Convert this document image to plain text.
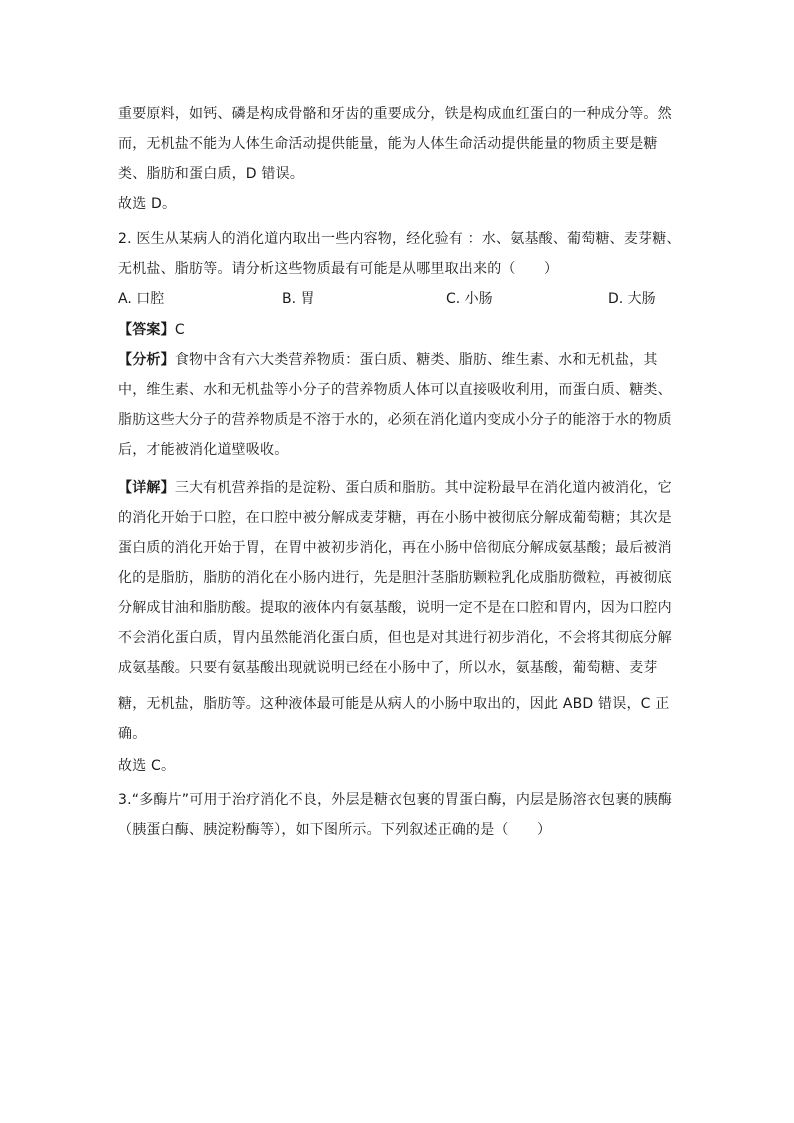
重要原料，如钙、磷是构成骨骼和牙齿的重要成分，铁是构成血红蛋白的一种成分等。然
而，无机盐不能为人体生命活动提供能量，能为人体生命活动提供能量的物质主要是糖
类、脂肪和蛋白质，D 错误。
故选 D。
2. 医生从某病人的消化道内取出一些内容物，经化验有 ：水、氨基酸、葡萄糖、麦芽糖、
无机盐、脂肪等。请分析这些物质最有可能是从哪里取出来的（　　）
A. 口腔	B. 胃	C. 小肠	D. 大肠
【答案】C
【分析】食物中含有六大类营养物质：蛋白质、糖类、脂肪、维生素、水和无机盐，其
中，维生素、水和无机盐等小分子的营养物质人体可以直接吸收利用，而蛋白质、糖类、
脂肪这些大分子的营养物质是不溶于水的，必须在消化道内变成小分子的能溶于水的物质
后，才能被消化道壁吸收。
【详解】三大有机营养指的是淀粉、蛋白质和脂肪。其中淀粉最早在消化道内被消化，它
的消化开始于口腔，在口腔中被分解成麦芽糖，再在小肠中被彻底分解成葡萄糖；其次是
蛋白质的消化开始于胃，在胃中被初步消化，再在小肠中倍彻底分解成氨基酸；最后被消
化的是脂肪，脂肪的消化在小肠内进行，先是胆汁茎脂肪颗粒乳化成脂肪微粒，再被彻底
分解成甘油和脂肪酸。提取的液体内有氨基酸，说明一定不是在口腔和胃内，因为口腔内
不会消化蛋白质，胃内虽然能消化蛋白质，但也是对其进行初步消化，不会将其彻底分解
成氨基酸。只要有氨基酸出现就说明已经在小肠中了，所以水，氨基酸，葡萄糖、麦芽
糖，无机盐，脂肪等。这种液体最可能是从病人的小肠中取出的，因此 ABD 错误，C 正
确。
故选 C。
3.“多酶片”可用于治疗消化不良，外层是糖衣包裹的胃蛋白酶，内层是肠溶衣包裹的胰酶
（胰蛋白酶、胰淀粉酶等），如下图所示。下列叙述正确的是（　　）
